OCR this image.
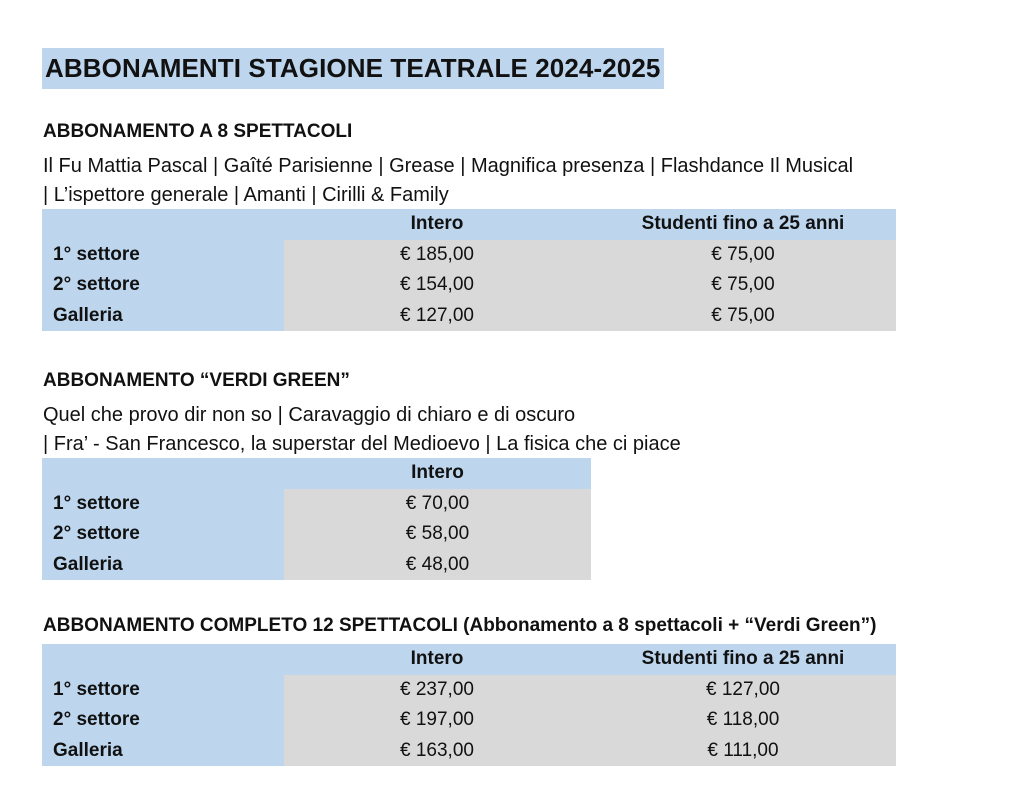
ABBONAMENTI STAGIONE TEATRALE 2024-2025
ABBONAMENTO A 8 SPETTACOLI
Il Fu Mattia Pascal | Gaîté Parisienne | Grease | Magnifica presenza | Flashdance Il Musical
| L’ispettore generale | Amanti | Cirilli & Family
	Intero	Studenti fino a 25 anni
1° settore	€ 185,00	€ 75,00
2° settore	€ 154,00	€ 75,00
Galleria	€ 127,00	€ 75,00
ABBONAMENTO “VERDI GREEN”
Quel che provo dir non so | Caravaggio di chiaro e di oscuro
| Fra’ - San Francesco, la superstar del Medioevo | La fisica che ci piace
	Intero
1° settore	€ 70,00
2° settore	€ 58,00
Galleria	€ 48,00
ABBONAMENTO COMPLETO 12 SPETTACOLI (Abbonamento a 8 spettacoli + “Verdi Green”)
	Intero	Studenti fino a 25 anni
1° settore	€ 237,00	€ 127,00
2° settore	€ 197,00	€ 118,00
Galleria	€ 163,00	€ 111,00
